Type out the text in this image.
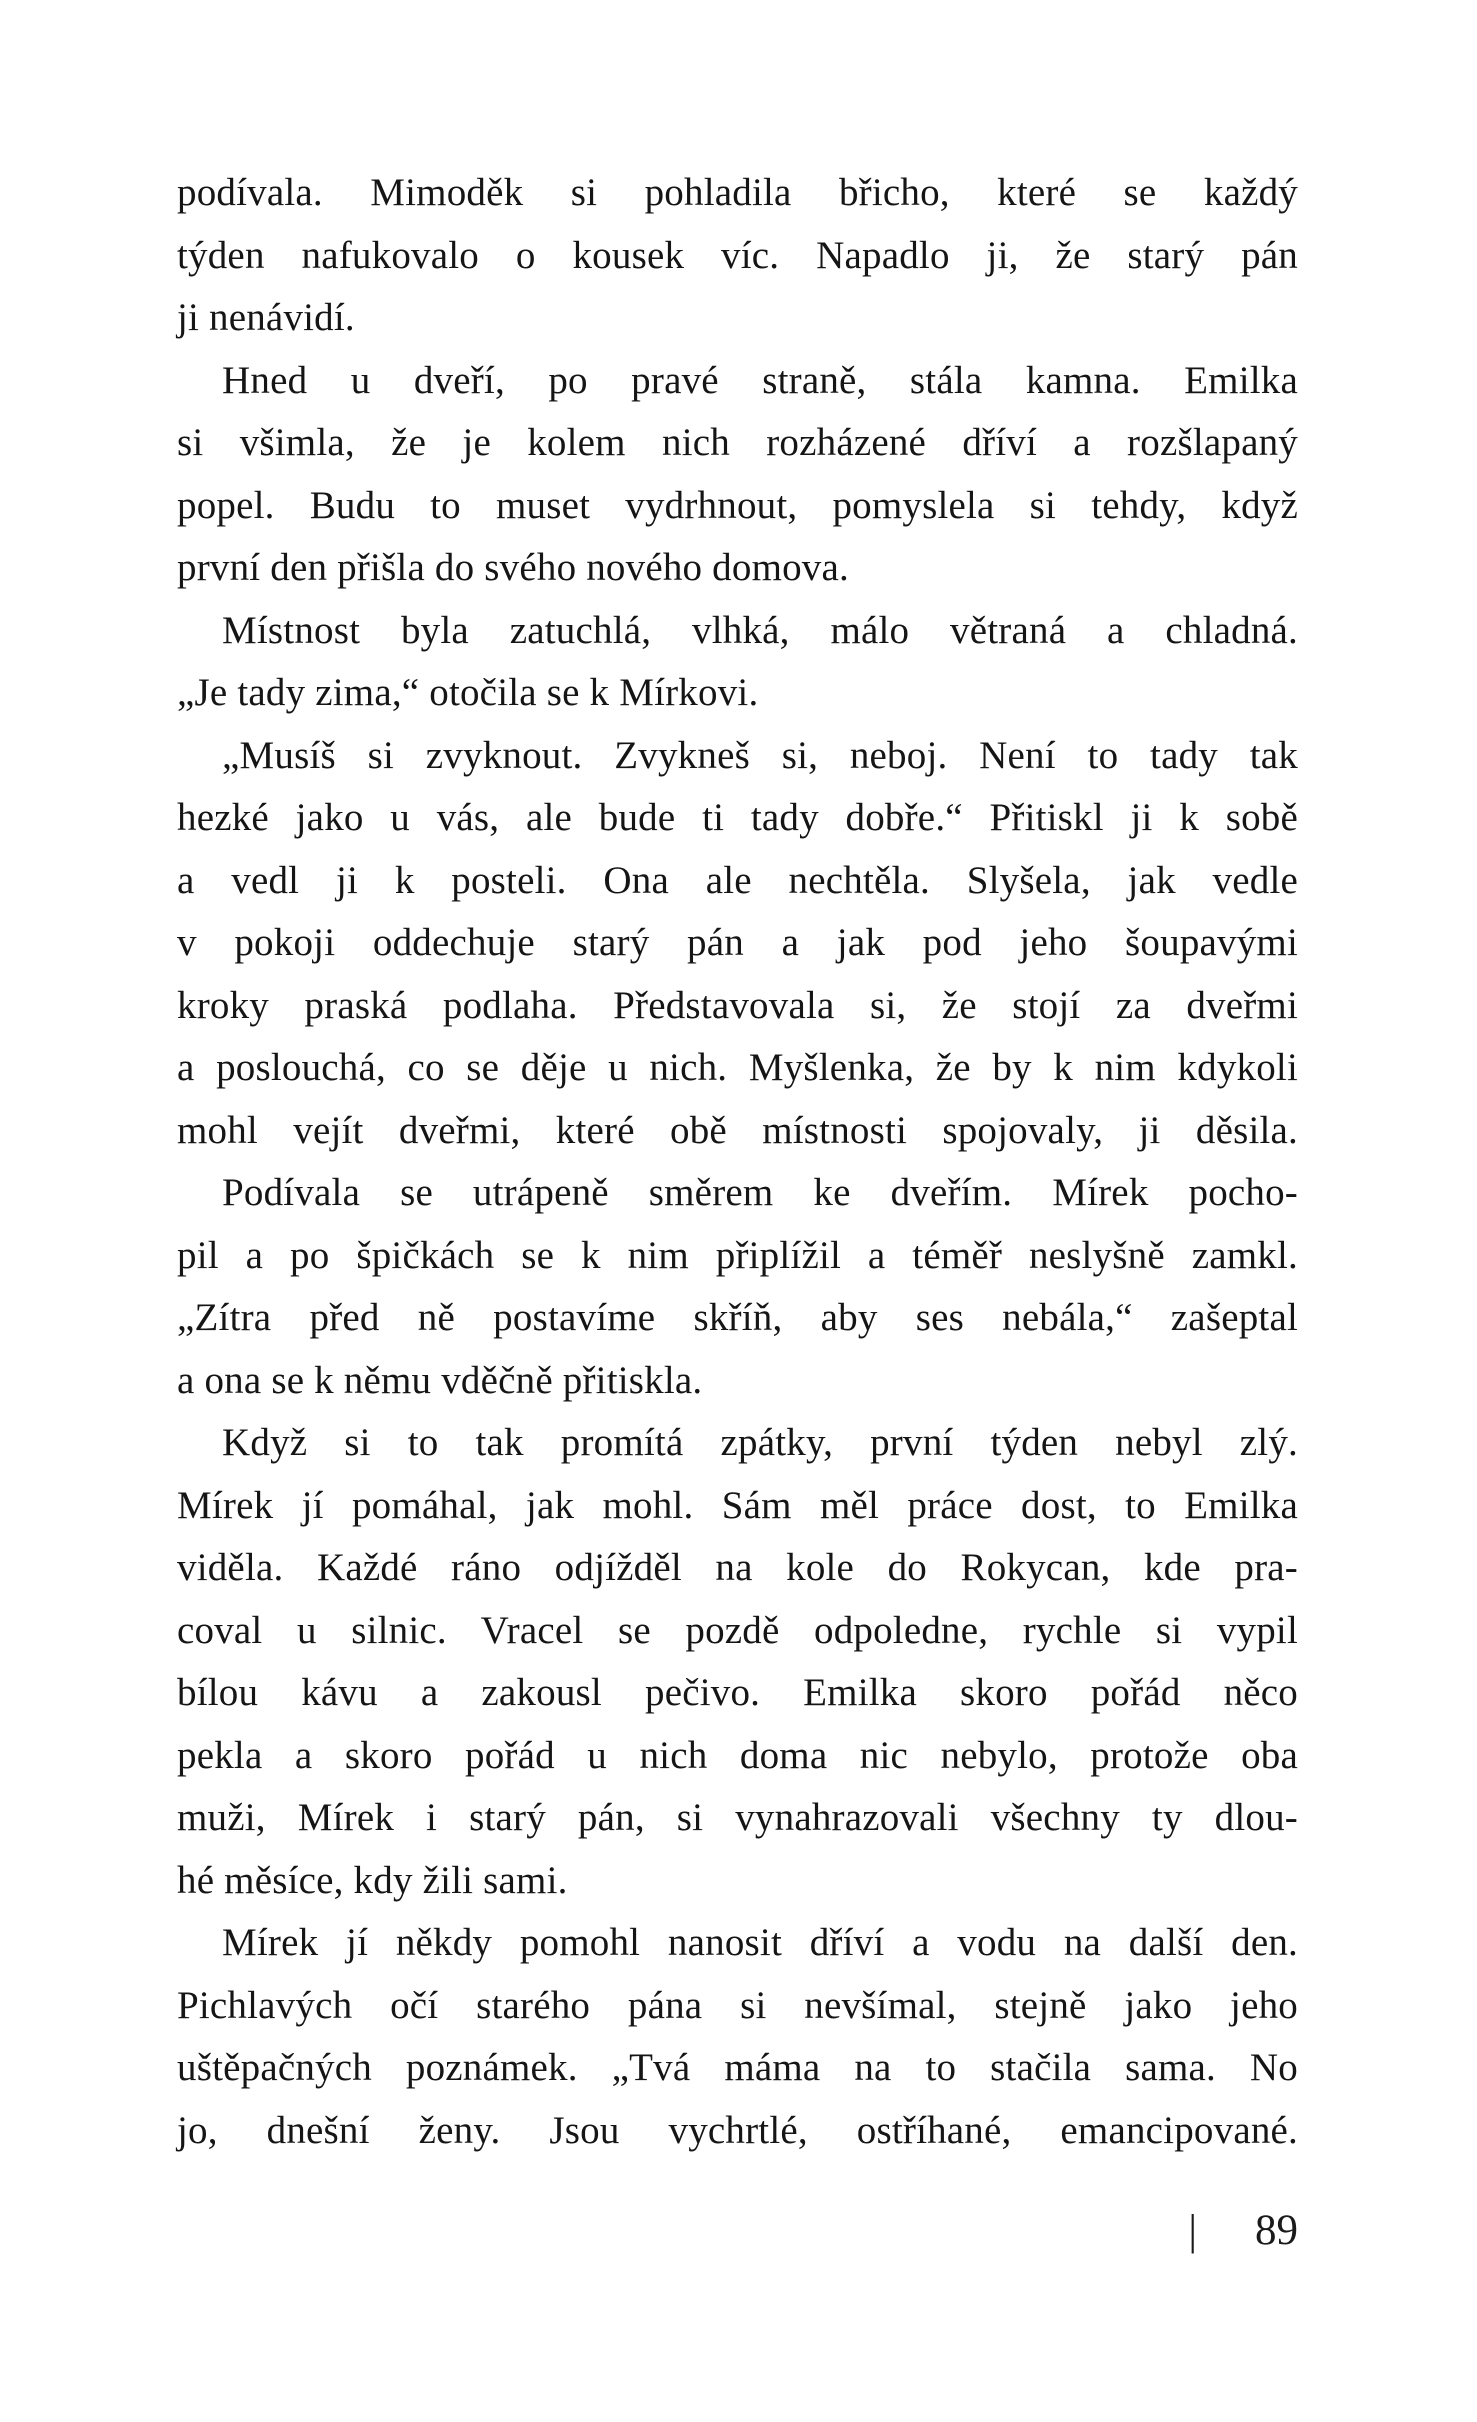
podívala. Mimoděk si pohladila břicho, které se každý
týden nafukovalo o kousek víc. Napadlo ji, že starý pán
ji nenávidí.
Hned u dveří, po pravé straně, stála kamna. Emilka
si všimla, že je kolem nich rozházené dříví a rozšlapaný
popel. Budu to muset vydrhnout, pomyslela si tehdy, když
první den přišla do svého nového domova.
Místnost byla zatuchlá, vlhká, málo větraná a chladná.
„Je tady zima,“ otočila se k Mírkovi.
„Musíš si zvyknout. Zvykneš si, neboj. Není to tady tak
hezké jako u vás, ale bude ti tady dobře.“ Přitiskl ji k sobě
a vedl ji k posteli. Ona ale nechtěla. Slyšela, jak vedle
v pokoji oddechuje starý pán a jak pod jeho šoupavými
kroky praská podlaha. Představovala si, že stojí za dveřmi
a poslouchá, co se děje u nich. Myšlenka, že by k nim kdykoli
mohl vejít dveřmi, které obě místnosti spojovaly, ji děsila.
Podívala se utrápeně směrem ke dveřím. Mírek pocho-
pil a po špičkách se k nim připlížil a téměř neslyšně zamkl.
„Zítra před ně postavíme skříň, aby ses nebála,“ zašeptal
a ona se k němu vděčně přitiskla.
Když si to tak promítá zpátky, první týden nebyl zlý.
Mírek jí pomáhal, jak mohl. Sám měl práce dost, to Emilka
viděla. Každé ráno odjížděl na kole do Rokycan, kde pra-
coval u silnic. Vracel se pozdě odpoledne, rychle si vypil
bílou kávu a zakousl pečivo. Emilka skoro pořád něco
pekla a skoro pořád u nich doma nic nebylo, protože oba
muži, Mírek i starý pán, si vynahrazovali všechny ty dlou-
hé měsíce, kdy žili sami.
Mírek jí někdy pomohl nanosit dříví a vodu na další den.
Pichlavých očí starého pána si nevšímal, stejně jako jeho
uštěpačných poznámek. „Tvá máma na to stačila sama. No
jo, dnešní ženy. Jsou vychrtlé, ostříhané, emancipované.
| 89
